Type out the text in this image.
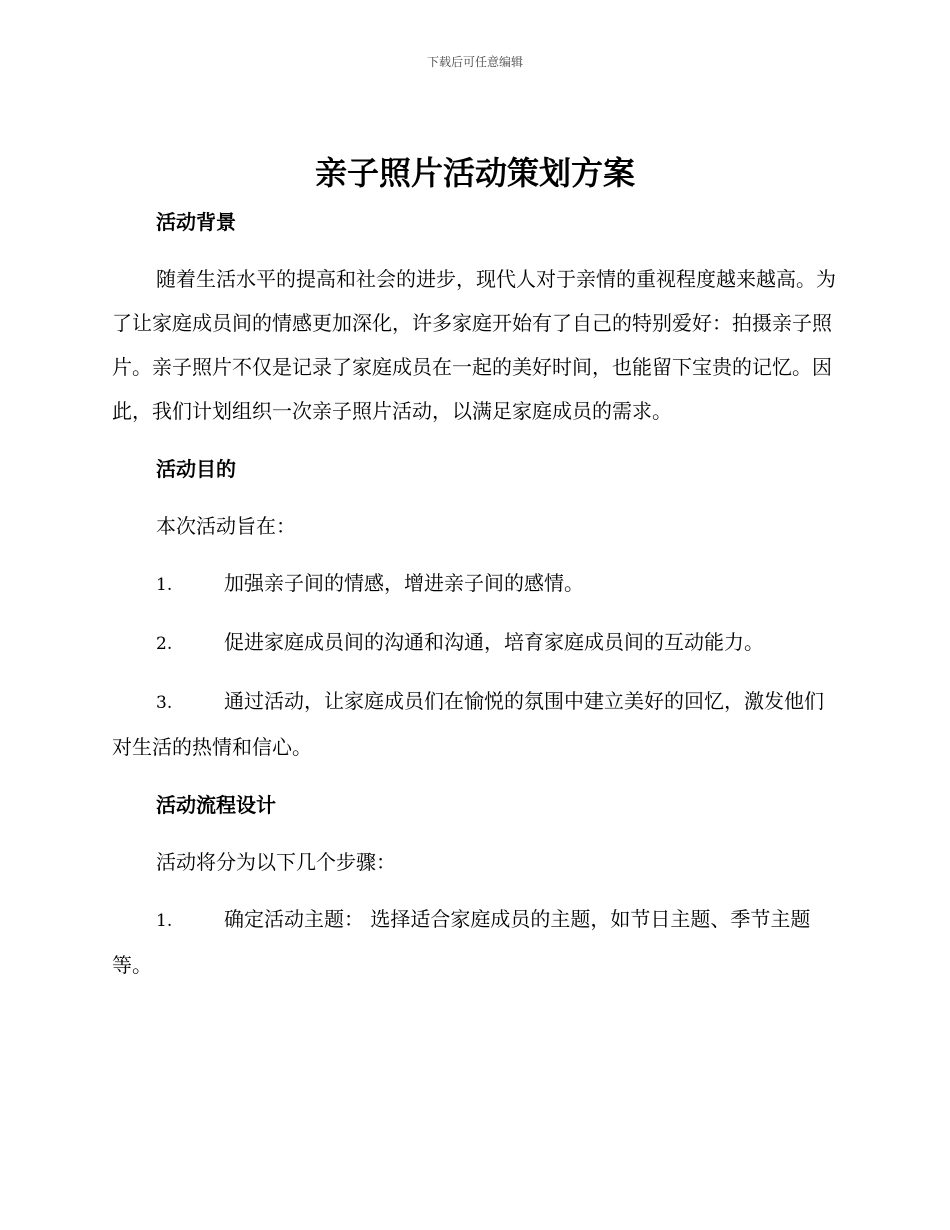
下载后可任意编辑
亲子照片活动策划方案

活动背景

随着生活水平的提高和社会的进步，现代人对于亲情的重视程度越来越高。为了让家庭成员间的情感更加深化，许多家庭开始有了自己的特别爱好：拍摄亲子照片。亲子照片不仅是记录了家庭成员在一起的美好时间，也能留下宝贵的记忆。因此，我们计划组织一次亲子照片活动，以满足家庭成员的需求。

活动目的

本次活动旨在：

1.	加强亲子间的情感，增进亲子间的感情。

2.	促进家庭成员间的沟通和沟通，培育家庭成员间的互动能力。

3.	通过活动，让家庭成员们在愉悦的氛围中建立美好的回忆，激发他们对生活的热情和信心。

活动流程设计

活动将分为以下几个步骤：

1.	确定活动主题： 选择适合家庭成员的主题，如节日主题、季节主题等。
